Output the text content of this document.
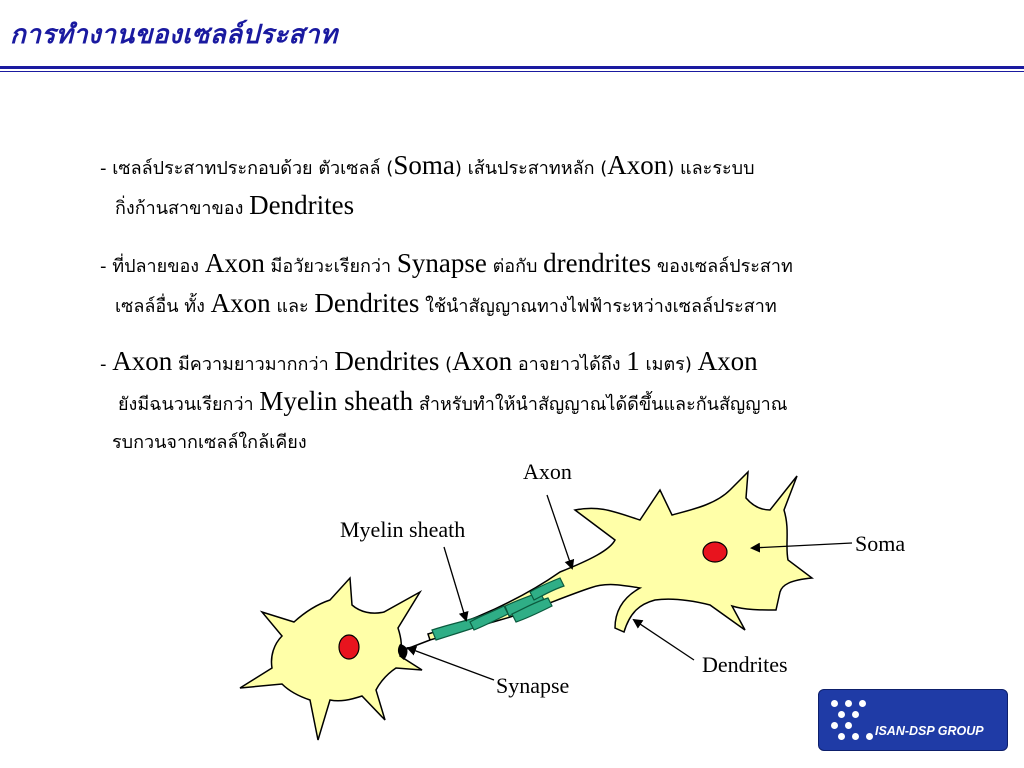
การทำงานของเซลล์ประสาท
- เซลล์ประสาทประกอบด้วย ตัวเซลล์ (Soma) เส้นประสาทหลัก (Axon) และระบบ
กิ่งก้านสาขาของ Dendrites
- ที่ปลายของ Axon มีอวัยวะเรียกว่า Synapse ต่อกับ drendrites ของเซลล์ประสาท
เซลล์อื่น ทั้ง Axon และ Dendrites ใช้นำสัญญาณทางไฟฟ้าระหว่างเซลล์ประสาท
- Axon มีความยาวมากกว่า Dendrites (Axon อาจยาวได้ถึง 1 เมตร) Axon
ยังมีฉนวนเรียกว่า Myelin sheath สำหรับทำให้นำสัญญาณได้ดีขึ้นและกันสัญญาณ
รบกวนจากเซลล์ใกล้เคียง
Axon
Myelin sheath
Soma
Dendrites
Synapse
ISAN-DSP GROUP
